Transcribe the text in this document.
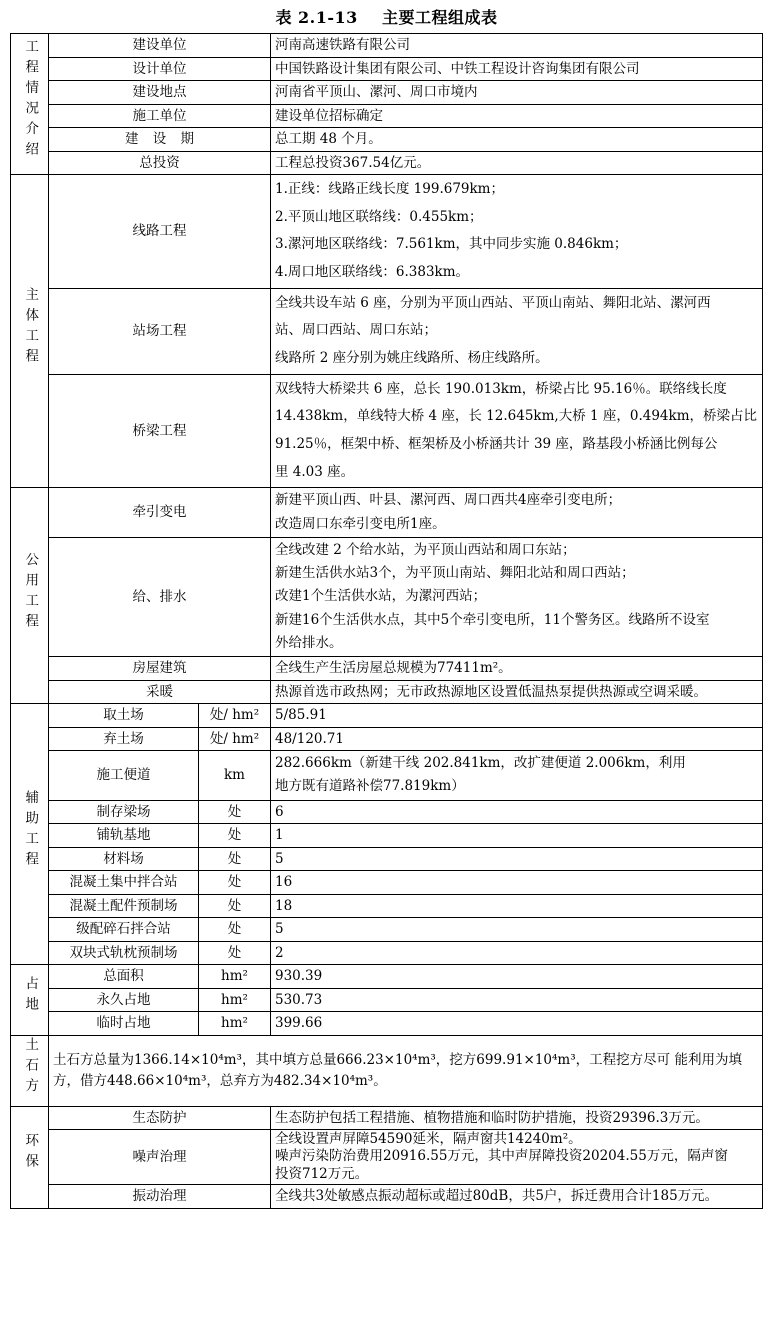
表 2.1-13    主要工程组成表
工程情况介绍	建设单位		河南高速铁路有限公司

	设计单位		中国铁路设计集团有限公司、中铁工程设计咨询集团有限公司

	建设地点		河南省平顶山、漯河、周口市境内

	施工单位		建设单位招标确定

	建 设 期		总工期 48 个月。

	总投资		工程总投资367.54亿元。

主体工程	线路工程		1.正线：线路正线长度 199.679km；
2.平顶山地区联络线：0.455km；
3.漯河地区联络线：7.561km，其中同步实施 0.846km；
4.周口地区联络线：6.383km。

	站场工程		全线共设车站 6 座，分别为平顶山西站、平顶山南站、舞阳北站、漯河西
站、周口西站、周口东站；
线路所 2 座分别为姚庄线路所、杨庄线路所。

	桥梁工程		双线特大桥梁共 6 座，总长 190.013km，桥梁占比 95.16％。联络线长度
14.438km，单线特大桥 4 座，长 12.645km,大桥 1 座，0.494km，桥梁占比
91.25％，框架中桥、框架桥及小桥涵共计 39 座，路基段小桥涵比例每公
里 4.03 座。

公用工程	牵引变电		新建平顶山西、叶县、漯河西、周口西共4座牵引变电所；
改造周口东牵引变电所1座。

	给、排水		全线改建 2 个给水站，为平顶山西站和周口东站；
新建生活供水站3个，为平顶山南站、舞阳北站和周口西站；
改建1个生活供水站，为漯河西站；
新建16个生活供水点，其中5个牵引变电所，11个警务区。线路所不设室
外给排水。

	房屋建筑		全线生产生活房屋总规模为77411m²。

	采暖		热源首选市政热网；无市政热源地区设置低温热泵提供热源或空调采暖。

辅助工程	取土场	处/ hm²	5/85.91

	弃土场	处/ hm²	48/120.71

	施工便道	km	282.666km（新建干线 202.841km，改扩建便道 2.006km，利用
地方既有道路补偿77.819km）

	制存梁场	处	6

	铺轨基地	处	1

	材料场	处	5

	混凝土集中拌合站	处	16

	混凝土配件预制场	处	18

	级配碎石拌合站	处	5

	双块式轨枕预制场	处	2

占地	总面积	hm²	930.39

	永久占地	hm²	530.73

	临时占地	hm²	399.66

土石方	土石方总量为1366.14×10⁴m³，其中填方总量666.23×10⁴m³，挖方699.91×10⁴m³，工程挖方尽可 能利用为填方，借方448.66×10⁴m³，总弃方为482.34×10⁴m³。		
环保	生态防护		生态防护包括工程措施、植物措施和临时防护措施，投资29396.3万元。

	噪声治理		全线设置声屏障54590延米，隔声窗共14240m²。
噪声污染防治费用20916.55万元，其中声屏障投资20204.55万元，隔声窗
投资712万元。

	振动治理		全线共3处敏感点振动超标或超过80dB，共5户，拆迁费用合计185万元。
